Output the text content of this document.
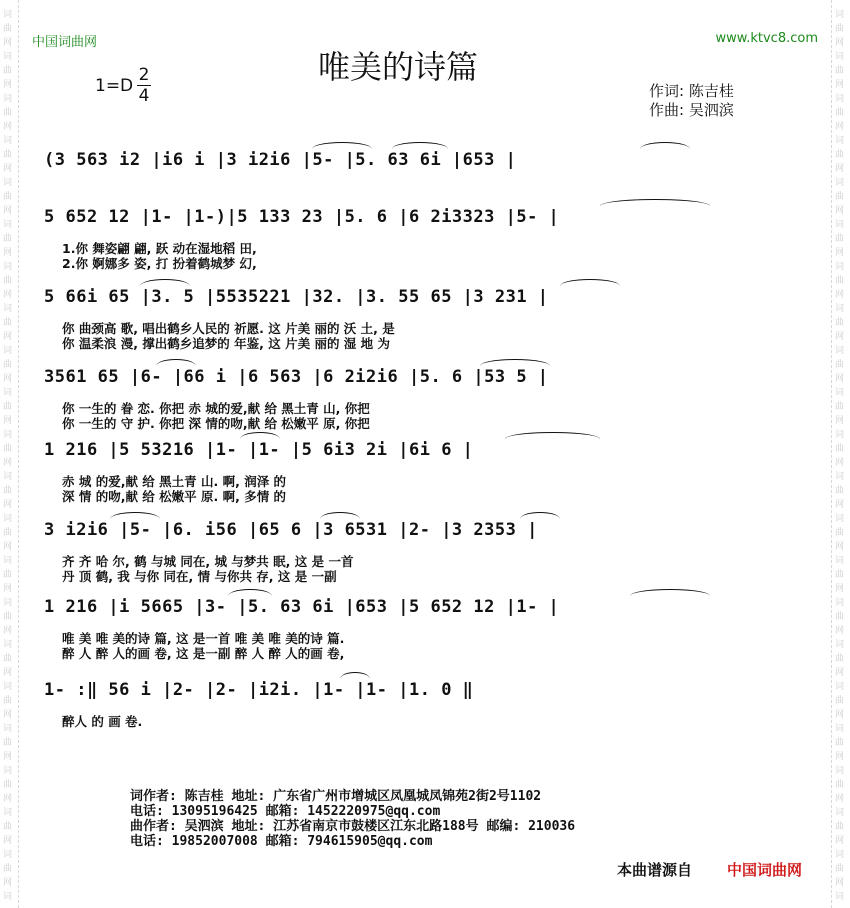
词
曲
网
词
曲
网
词
曲
网
词
曲
网
词
曲
网
词
曲
网
词
曲
网
词
曲
网
词
曲
网
词
曲
网
词
曲
网
词
曲
网
词
曲
网
词
曲
网
词
曲
网
词
曲
网
词
曲
网
词
曲
网
词
曲
网
词
曲
网
词
曲
网
词
词
曲
网
词
曲
网
词
曲
网
词
曲
网
词
曲
网
词
曲
网
词
曲
网
词
曲
网
词
曲
网
词
曲
网
词
曲
网
词
曲
网
词
曲
网
词
曲
网
词
曲
网
词
曲
网
词
曲
网
词
曲
网
词
曲
网
词
曲
网
词
曲
网
词
中国词曲网	www.ktvc8.com
唯美的诗篇
1=D
2
4	作词: 陈吉桂
作曲: 吴泗滨
(3 563 i2 |i6 i |3 i2i6 |5- |5. 63 6i |653 |
5 652 12 |1- |1-)|5 133 23 |5. 6 |6 2i3323 |5- |
1.你 舞姿翩 翩, 跃 动在湿地稻 田,
2.你 婀娜多 姿, 打 扮着鹤城梦 幻,
5 66i 65 |3. 5 |5535221 |32. |3. 55 65 |3 231 |
你 曲颈高 歌, 唱出鹤乡人民的 祈愿. 这 片美 丽的 沃 土, 是
你 温柔浪 漫, 撑出鹤乡追梦的 年鉴, 这 片美 丽的 湿 地 为
3561 65 |6- |66 i |6 563 |6 2i2i6 |5. 6 |53 5 |
你 一生的 眷 恋. 你把 赤 城的爱,献 给 黑土青 山, 你把
你 一生的 守 护. 你把 深 情的吻,献 给 松嫩平 原, 你把
1 216 |5 53216 |1- |1- |5 6i3 2i |6i 6 |
赤 城 的爱,献 给 黑土青 山. 啊, 润泽 的
深 情 的吻,献 给 松嫩平 原. 啊, 多情 的
3 i2i6 |5- |6. i56 |65 6 |3 6531 |2- |3 2353 |
齐 齐 哈 尔, 鹤 与城 同在, 城 与梦共 眠, 这 是 一首
丹 顶 鹤, 我 与你 同在, 情 与你共 存, 这 是 一副
1 216 |i 5665 |3- |5. 63 6i |653 |5 652 12 |1- |
唯 美 唯 美的诗 篇, 这 是一首 唯 美 唯 美的诗 篇.
醉 人 醉 人的画 卷, 这 是一副 醉 人 醉 人的画 卷,
1- :‖ 56 i |2- |2- |i2i. |1- |1- |1. 0 ‖
醉人 的 画 卷.
词作者: 陈吉桂 地址: 广东省广州市增城区凤凰城凤锦苑2街2号1102
电话: 13095196425 邮箱: 1452220975@qq.com
曲作者: 吴泗滨 地址: 江苏省南京市鼓楼区江东北路188号 邮编: 210036
电话: 19852007008 邮箱: 794615905@qq.com
本曲谱源自 中国词曲网
